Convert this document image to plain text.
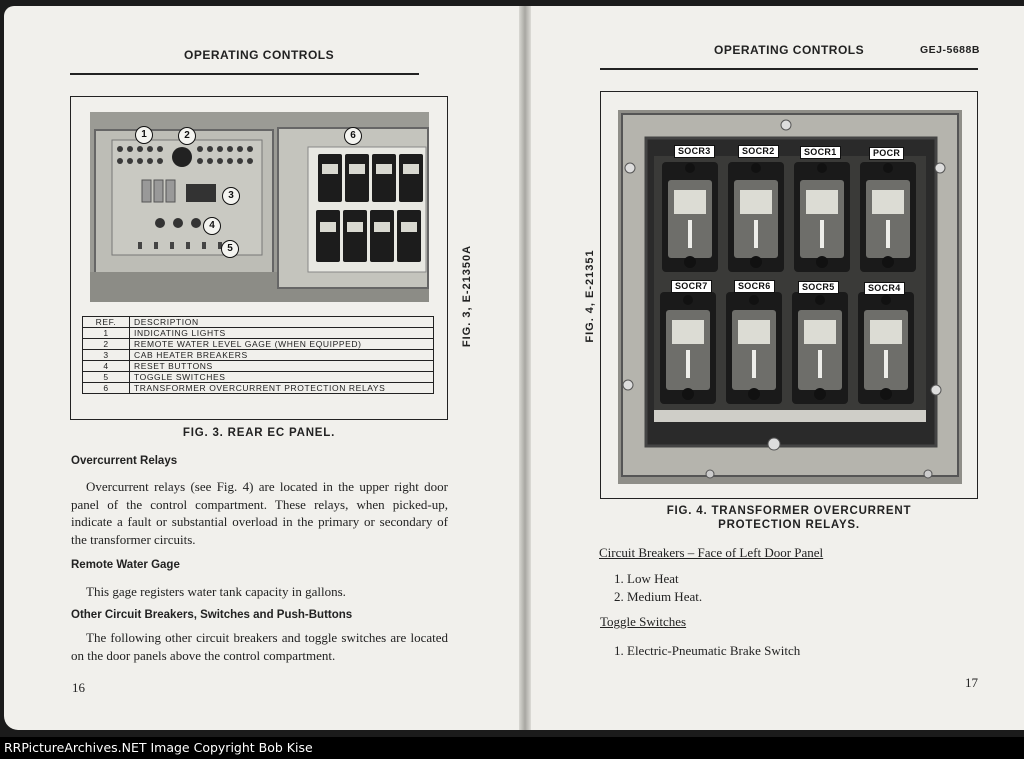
OPERATING CONTROLS
1	2
3
4
5
6
REF.	DESCRIPTION
1	INDICATING LIGHTS
2	REMOTE WATER LEVEL GAGE (WHEN EQUIPPED)
3	CAB HEATER BREAKERS
4	RESET BUTTONS
5	TOGGLE SWITCHES
6	TRANSFORMER OVERCURRENT PROTECTION RELAYS
FIG. 3, E-21350A
FIG. 3. REAR EC PANEL.
Overcurrent Relays

Overcurrent relays (see Fig. 4) are located in the upper right door panel of the control compartment. These relays, when picked-up, indicate a fault or substantial overload in the primary or secondary of the transformer circuits.

Remote Water Gage

This gage registers water tank capacity in gallons.

Other Circuit Breakers, Switches and Push-Buttons

The following other circuit breakers and toggle switches are located on the door panels above the control compartment.

16
OPERATING CONTROLS	GEJ-5688B
FIG. 4, E-21351
SOCR3	SOCR2	SOCR1	POCR
SOCR7	SOCR6	SOCR5	SOCR4
FIG. 4. TRANSFORMER OVERCURRENT
PROTECTION RELAYS.
Circuit Breakers – Face of Left Door Panel
1. Low Heat
2. Medium Heat.
Toggle Switches
1. Electric-Pneumatic Brake Switch
17
RRPictureArchives.NET Image Copyright Bob Kise
